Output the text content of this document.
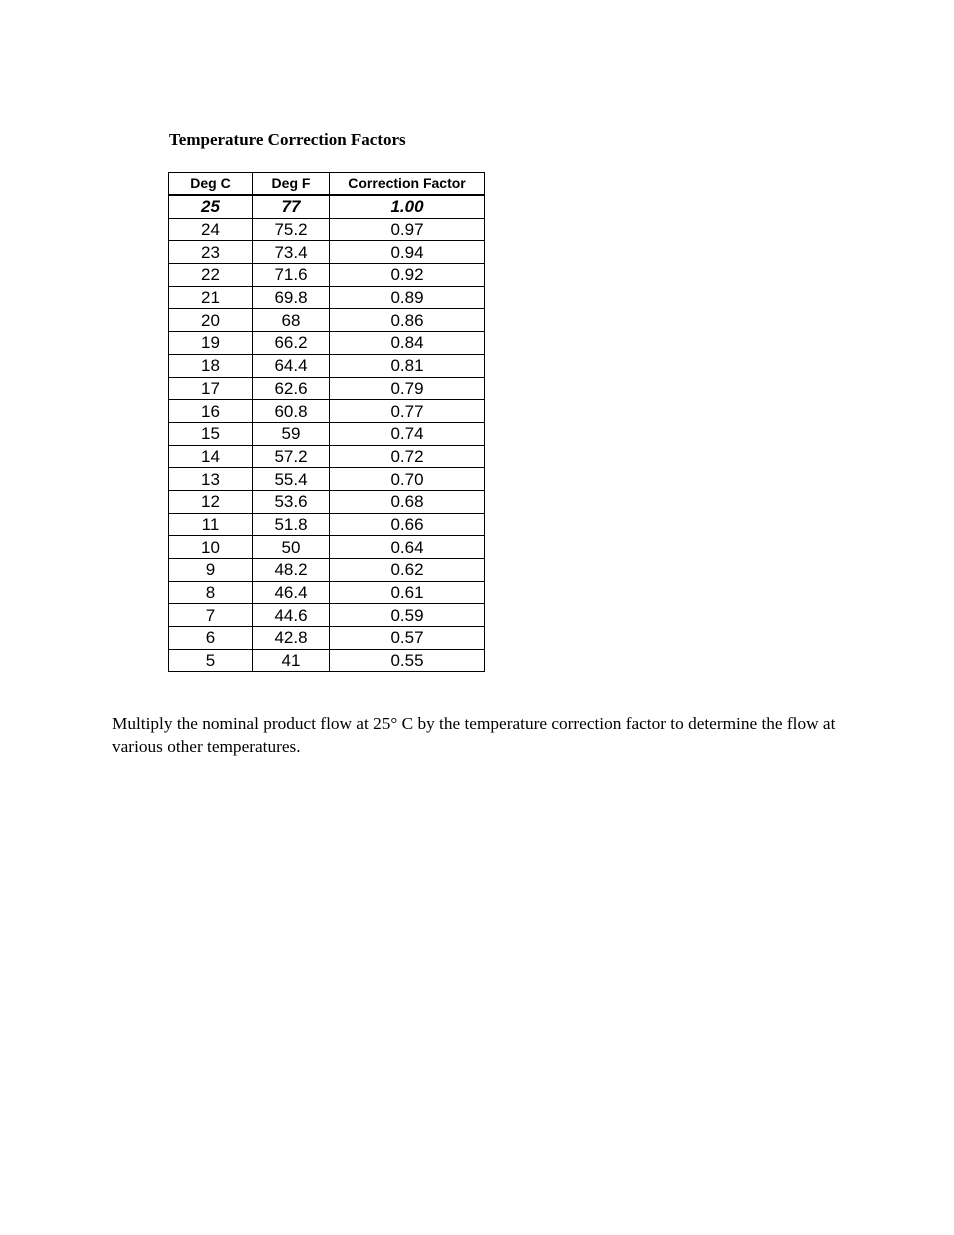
Temperature Correction Factors
Deg C	Deg F	Correction Factor
25	77	1.00
24	75.2	0.97
23	73.4	0.94
22	71.6	0.92
21	69.8	0.89
20	68	0.86
19	66.2	0.84
18	64.4	0.81
17	62.6	0.79
16	60.8	0.77
15	59	0.74
14	57.2	0.72
13	55.4	0.70
12	53.6	0.68
11	51.8	0.66
10	50	0.64
9	48.2	0.62
8	46.4	0.61
7	44.6	0.59
6	42.8	0.57
5	41	0.55
Multiply the nominal product flow at 25° C by the temperature correction factor to determine the flow at various other temperatures.
